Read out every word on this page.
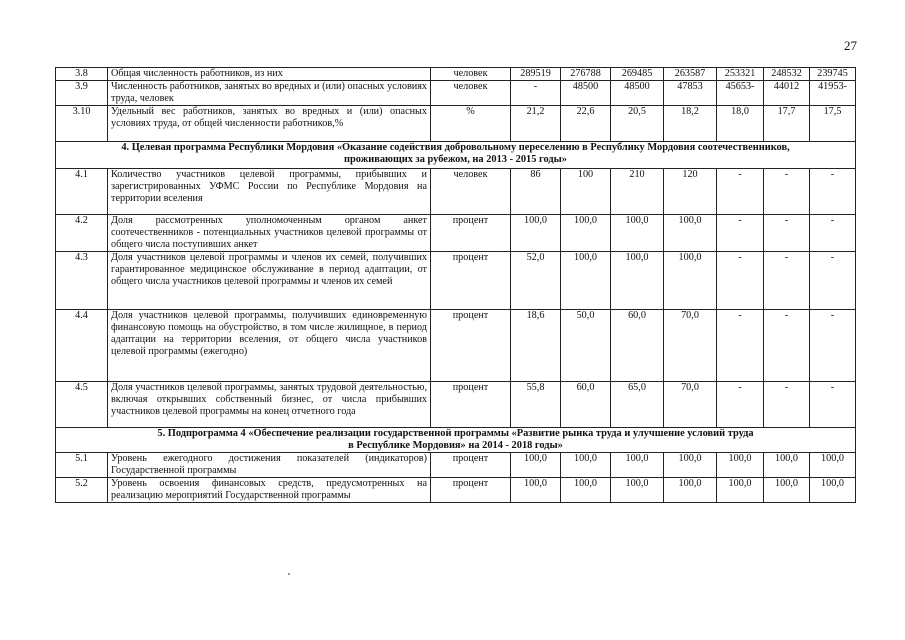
27
3.8	Общая численность работников, из них	человек	289519	276788	269485	263587	253321	248532	239745
3.9	Численность работников, занятых во вредных и (или) опасных условиях труда, человек	человек	-	48500	48500	47853	45653-	44012	41953-
3.10	Удельный вес работников, занятых во вредных и (или) опасных условиях труда, от общей численности работников,%	%	21,2	22,6	20,5	18,2	18,0	17,7	17,5

4. Целевая программа Республики Мордовия «Оказание содействия добровольному переселению в Республику Мордовия соотечественников,
проживающих за рубежом, на 2013 - 2015 годы»									

4.1	Количество участников целевой программы, прибывших и зарегистрированных УФМС России по Республике Мордовия на территории вселения	человек	86	100	210	120	-	-	-
4.2	Доля рассмотренных уполномоченным органом анкет соотечественников - потенциальных участников целевой программы от общего числа поступивших анкет	процент	100,0	100,0	100,0	100,0	-	-	-
4.3	Доля участников целевой программы и членов их семей, получивших гарантированное медицинское обслуживание в период адаптации, от общего числа участников целевой программы и членов их семей	процент	52,0	100,0	100,0	100,0	-	-	-
4.4	Доля участников целевой программы, получивших единовременную финансовую помощь на обустройство, в том числе жилищное, в период адаптации на территории вселения, от общего числа участников целевой программы (ежегодно)	процент	18,6	50,0	60,0	70,0	-	-	-
4.5	Доля участников целевой программы, занятых трудовой деятельностью, включая открывших собственный бизнес, от числа прибывших участников целевой программы на конец отчетного года	процент	55,8	60,0	65,0	70,0	-	-	-

5. Подпрограмма 4 «Обеспечение реализации государственной программы «Развитие рынка труда и улучшение условий труда
в Республике Мордовия» на 2014 - 2018 годы»									

5.1	Уровень ежегодного достижения показателей (индикаторов) Государственной программы	процент	100,0	100,0	100,0	100,0	100,0	100,0	100,0
5.2	Уровень освоения финансовых средств, предусмотренных на реализацию мероприятий Государственной программы	процент	100,0	100,0	100,0	100,0	100,0	100,0	100,0
